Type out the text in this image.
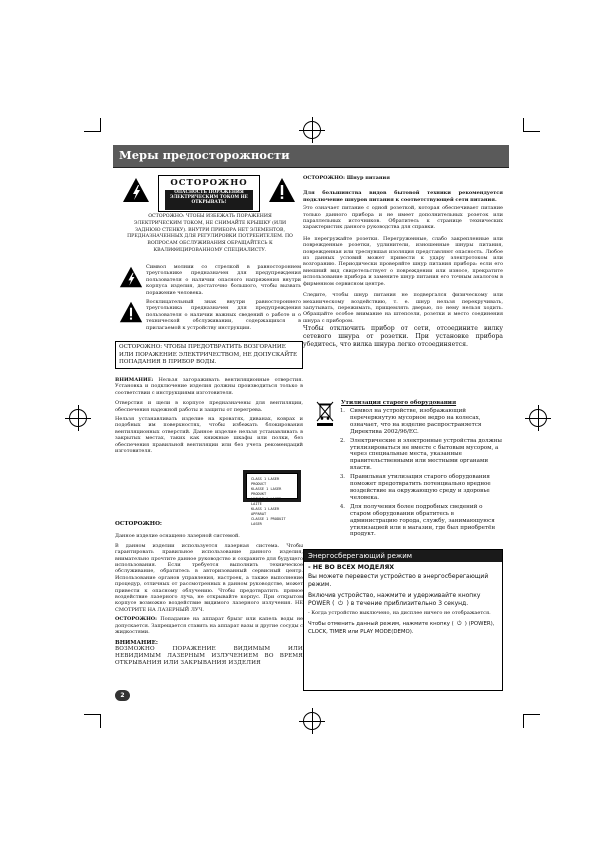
Меры предосторожности
ОСТОРОЖНО
ОПАСНОСТЬ ПОРАЖЕНИЯ ЭЛЕКТРИЧЕСКИМ ТОКОМ НЕ ОТКРЫВАТЬ!
ОСТОРОЖНО: ЧТОБЫ ИЗБЕЖАТЬ ПОРАЖЕНИЯ ЭЛЕКТРИЧЕСКИМ ТОКОМ, НЕ СНИМАЙТЕ КРЫШКУ (ИЛИ ЗАДНЮЮ СТЕНКУ). ВНУТРИ ПРИБОРА НЕТ ЭЛЕМЕНТОВ, ПРЕДНАЗНАЧЕННЫХ ДЛЯ РЕГУЛИРОВКИ ПОТРЕБИТЕЛЕМ. ПО ВОПРОСАМ ОБСЛУЖИВАНИЯ ОБРАЩАЙТЕСЬ К КВАЛИФИЦИРОВАННОМУ СПЕЦИАЛИСТУ.

Символ молнии со стрелкой в равностороннем треугольнике предназначен для предупреждения пользователя о наличии опасного напряжения внутри корпуса изделия, достаточно большого, чтобы вызвать поражение человека.

Восклицательный знак внутри равностороннего треугольника предназначен для предупреждения пользователя о наличии важных сведений о работе и о технической обслуживании, содержащихся в прилагаемой к устройству инструкции.

ОСТОРОЖНО: ЧТОБЫ ПРЕДОТВРАТИТЬ ВОЗГОРАНИЕ ИЛИ ПОРАЖЕНИЕ ЭЛЕКТРИЧЕСТВОМ, НЕ ДОПУСКАЙТЕ ПОПАДАНИЯ В ПРИБОР ВОДЫ.

ВНИМАНИЕ: Нельзя загораживать вентиляционные отверстия. Установка и подключение изделия должны производиться только в соответствии с инструкциями изготовителя.

Отверстия и щели в корпусе предназначены для вентиляции, обеспечения надежной работы и защиты от перегрева.

Нельзя устанавливать изделие на кроватях, диванах, коврах и подобных им поверхностях, чтобы избежать блокирования вентиляционных отверстий. Данное изделие нельзя устанавливать в закрытых местах, таких как книжные шкафы или полки, без обеспечения правильной вентиляции или без учета рекомендаций изготовителя.

CLASS 1 LASER PRODUCT
KLASSE 1 LASER PRODUKT
LUOKAN 1 LASER LAITE
KLASS 1 LASER APPARAT
CLASSE 1 PRODUIT LASER

ОСТОРОЖНО:

Данное изделие оснащено лазерной системой.

В данном изделии используется лазерная система. Чтобы гарантировать правильное использование данного изделия, внимательно прочтите данное руководство и сохраните для будущего использования. Если требуется выполнить техническое обслуживание, обратитесь в авторизованный сервисный центр. Использование органов управления, настроек, а также выполнение процедур, отличных от рассмотренных в данном руководстве, может привести к опасному облучению. Чтобы предотвратить прямое воздействие лазерного луча, не открывайте корпус. При открытом корпусе возможно воздействие видимого лазерного излучения. НЕ СМОТРИТЕ НА ЛАЗЕРНЫЙ ЛУЧ.

ОСТОРОЖНО: Попадание на аппарат брызг или капель воды не допускается. Запрещается ставить на аппарат вазы и другие сосуды с жидкостями.

ВНИМАНИЕ:

ВОЗМОЖНО ПОРАЖЕНИЕ ВИДИМЫМ ИЛИ НЕВИДИМЫМ ЛАЗЕРНЫМ ИЗЛУЧЕНИЕМ ВО ВРЕМЯ ОТКРЫВАНИЯ ИЛИ ЗАКРЫВАНИЯ ИЗДЕЛИЯ

2

ОСТОРОЖНО: Шнур питания

Для большинства видов бытовой техники рекомендуется подключение шнуров питания к соответствующей сети питания.

Это означает питание с одной розеткой, которая обеспечивает питание только данного прибора и не имеет дополнительных розеток или параллельных источников. Обратитесь к странице технических характеристик данного руководства для справки.

Не перегружайте розетки. Перегруженные, слабо закрепленные или поврежденные розетки, удлинители, изношенные шнуры питания, поврежденная или треснувшая изоляция представляют опасность. Любое из данных условий может привести к удару электротоком или возгоранию. Периодически проверяйте шнур питания прибора: если его внешний вид свидетельствует о повреждении или износе, прекратите использование прибора и замените шнур питания его точным аналогом в фирменном сервисном центре.

Следите, чтобы шнур питания не подвергался физическому или механическому воздействию, т. е. шнур нельзя перекручивать, запутывать, пережимать, прищемлять дверью, по нему нельзя ходить. Обращайте особое внимание на штепсели, розетки и место соединения шнура с прибором.

Чтобы отключить прибор от сети, отсоедините вилку сетевого шнура от розетки. При установке прибора убедитесь, что вилка шнура легко отсоединяется.

Утилизация старого оборудования
1. Символ на устройстве, изображающий перечеркнутую мусорное ведро на колесах, означает, что на изделие распространяется Директива 2002/96/EC.

2. Электрические и электронные устройства должны утилизироваться не вместе с бытовым мусором, а через специальные места, указанные правительственными или местными органами власти.

3. Правильная утилизация старого оборудования поможет предотвратить потенциально вредное воздействие на окружающую среду и здоровье человека.

4. Для получения более подробных сведений о старом оборудовании обратитесь в администрацию города, службу, занимающуюся утилизацией или в магазин, где был приобретён продукт.

Энергосберегающий режим
- НЕ ВО ВСЕХ МОДЕЛЯХ

Вы можете перевести устройство в энергосберегающий режим.

Включив устройство, нажмите и удерживайте кнопку POWER ( ⏻ ) в течение приблизительно 3 секунд.

- Когда устройство выключено, на дисплее ничего не отображается.

Чтобы отменить данный режим, нажмите кнопку ( ⏻ ) (POWER), CLOCK, TIMER или PLAY MODE(DEMO).
